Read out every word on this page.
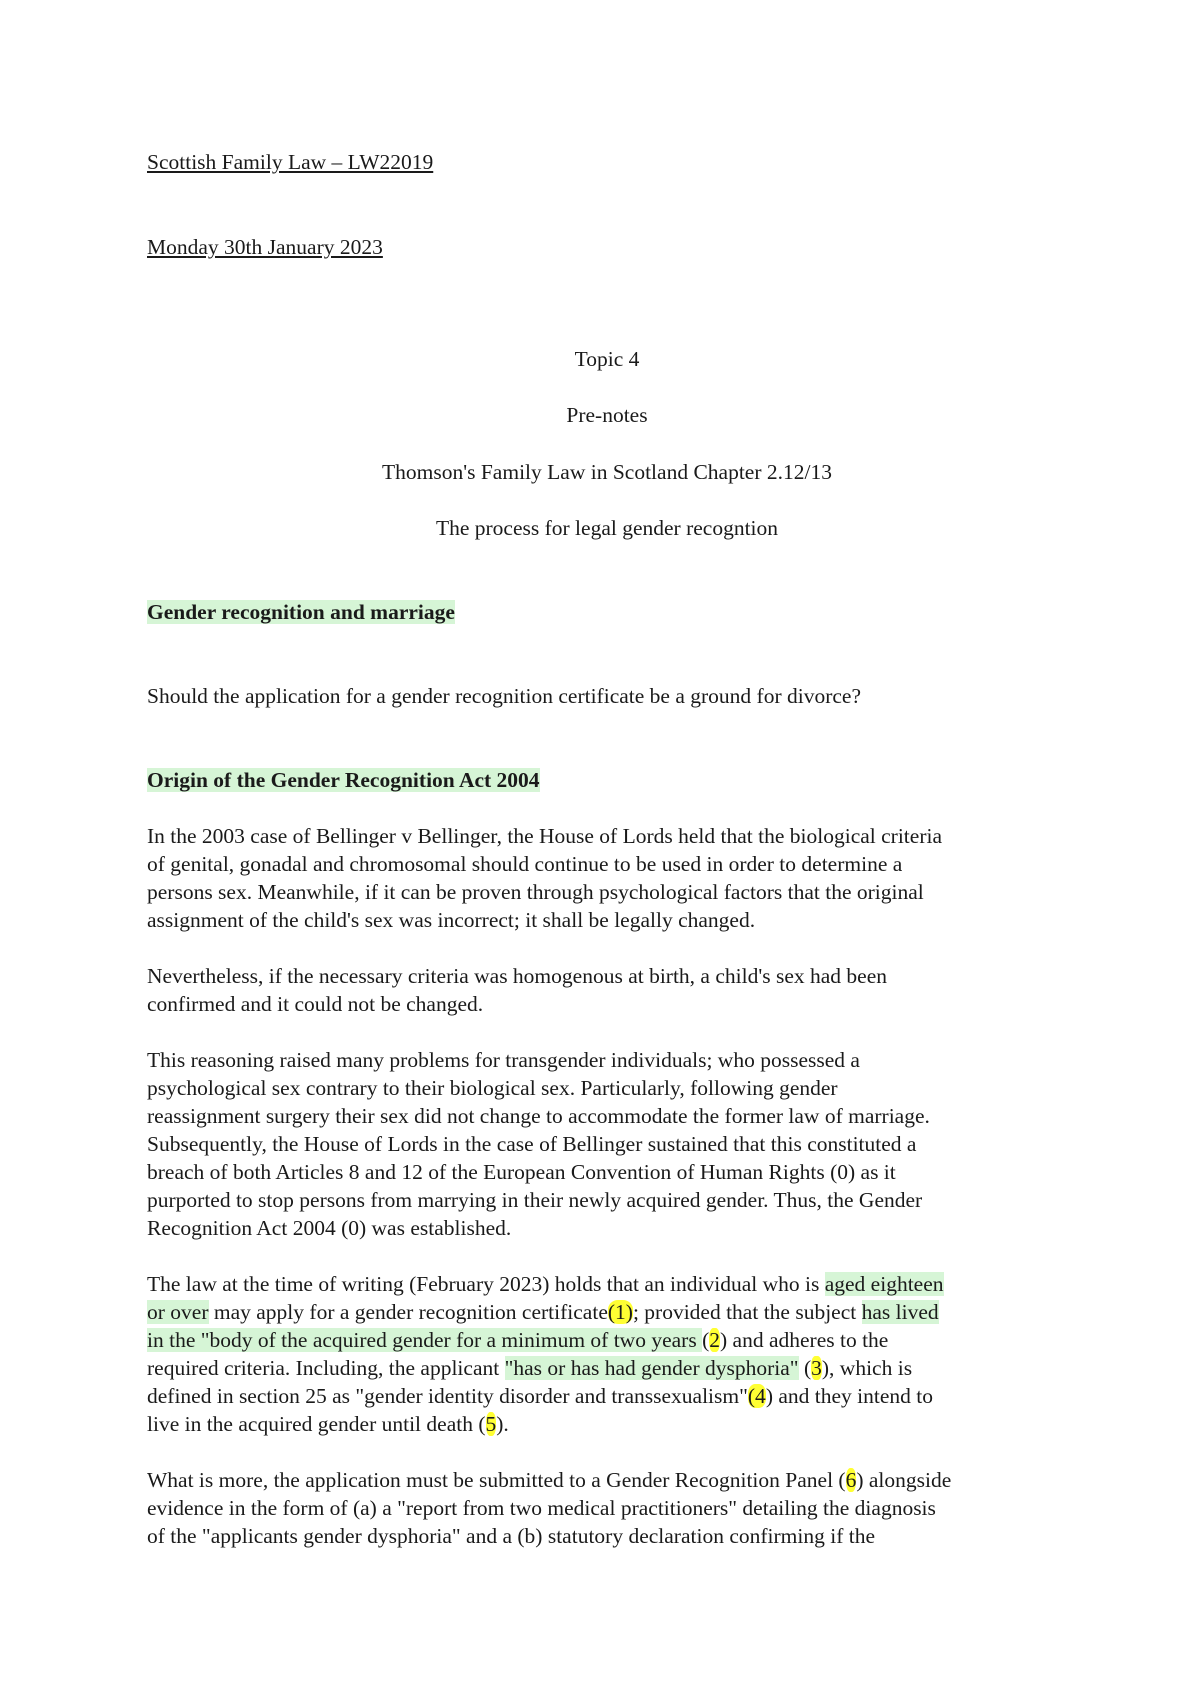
Scottish Family Law – LW22019

Monday 30th January 2023

Topic 4

Pre-notes

Thomson's Family Law in Scotland Chapter 2.12/13

The process for legal gender recogntion

Gender recognition and marriage

Should the application for a gender recognition certificate be a ground for divorce?

Origin of the Gender Recognition Act 2004

In the 2003 case of Bellinger v Bellinger, the House of Lords held that the biological criteria

of genital, gonadal and chromosomal should continue to be used in order to determine a

persons sex. Meanwhile, if it can be proven through psychological factors that the original

assignment of the child's sex was incorrect; it shall be legally changed.

Nevertheless, if the necessary criteria was homogenous at birth, a child's sex had been

confirmed and it could not be changed.

This reasoning raised many problems for transgender individuals; who possessed a

psychological sex contrary to their biological sex. Particularly, following gender

reassignment surgery their sex did not change to accommodate the former law of marriage.

Subsequently, the House of Lords in the case of Bellinger sustained that this constituted a

breach of both Articles 8 and 12 of the European Convention of Human Rights (0) as it

purported to stop persons from marrying in their newly acquired gender. Thus, the Gender

Recognition Act 2004 (0) was established.

The law at the time of writing (February 2023) holds that an individual who is aged eighteen

or over may apply for a gender recognition certificate(1); provided that the subject has lived

in the "body of the acquired gender for a minimum of two years (2) and adheres to the

required criteria. Including, the applicant "has or has had gender dysphoria" (3), which is

defined in section 25 as "gender identity disorder and transsexualism"(4) and they intend to

live in the acquired gender until death (5).

What is more, the application must be submitted to a Gender Recognition Panel (6) alongside

evidence in the form of (a) a "report from two medical practitioners" detailing the diagnosis

of the "applicants gender dysphoria" and a (b) statutory declaration confirming if the
